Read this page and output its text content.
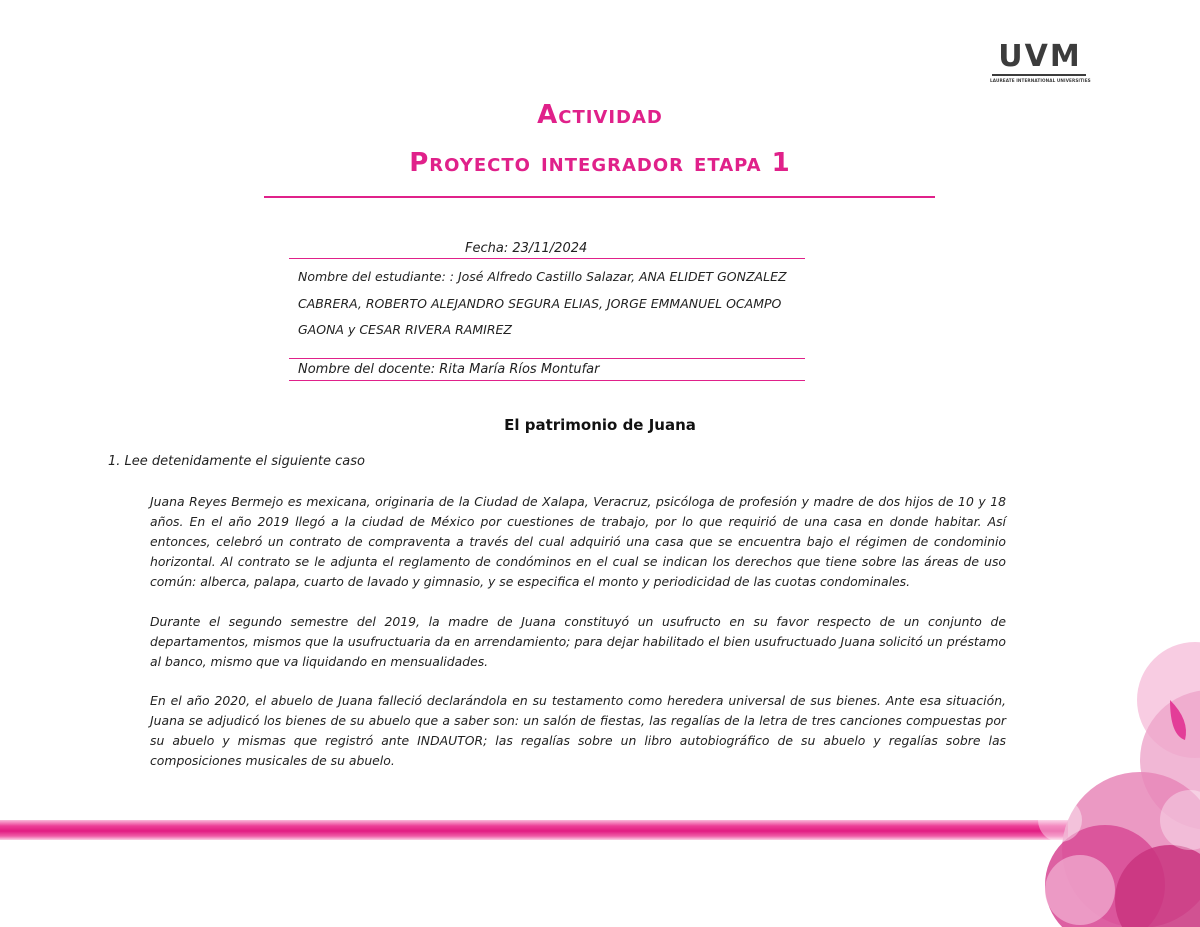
UVM
LAUREATE INTERNATIONAL UNIVERSITIES
Actividad
Proyecto integrador etapa 1
Fecha: 23/11/2024
Nombre del estudiante: : José Alfredo Castillo Salazar, ANA ELIDET GONZALEZ
CABRERA, ROBERTO ALEJANDRO SEGURA ELIAS, JORGE EMMANUEL OCAMPO
GAONA y CESAR RIVERA RAMIREZ
Nombre del docente: Rita María Ríos Montufar
El patrimonio de Juana
1. Lee detenidamente el siguiente caso

Juana Reyes Bermejo es mexicana, originaria de la Ciudad de Xalapa, Veracruz, psicóloga de profesión y madre de dos hijos de 10 y 18 años. En el año 2019 llegó a la ciudad de México por cuestiones de trabajo, por lo que requirió de una casa en donde habitar. Así entonces, celebró un contrato de compraventa a través del cual adquirió una casa que se encuentra bajo el régimen de condominio horizontal. Al contrato se le adjunta el reglamento de condóminos en el cual se indican los derechos que tiene sobre las áreas de uso común: alberca, palapa, cuarto de lavado y gimnasio, y se especifica el monto y periodicidad de las cuotas condominales.

Durante el segundo semestre del 2019, la madre de Juana constituyó un usufructo en su favor respecto de un conjunto de departamentos, mismos que la usufructuaria da en arrendamiento; para dejar habilitado el bien usufructuado Juana solicitó un préstamo al banco, mismo que va liquidando en mensualidades.

En el año 2020, el abuelo de Juana falleció declarándola en su testamento como heredera universal de sus bienes. Ante esa situación, Juana se adjudicó los bienes de su abuelo que a saber son: un salón de fiestas, las regalías de la letra de tres canciones compuestas por su abuelo y mismas que registró ante INDAUTOR; las regalías sobre un libro autobiográfico de su abuelo y regalías sobre las composiciones musicales de su abuelo.
